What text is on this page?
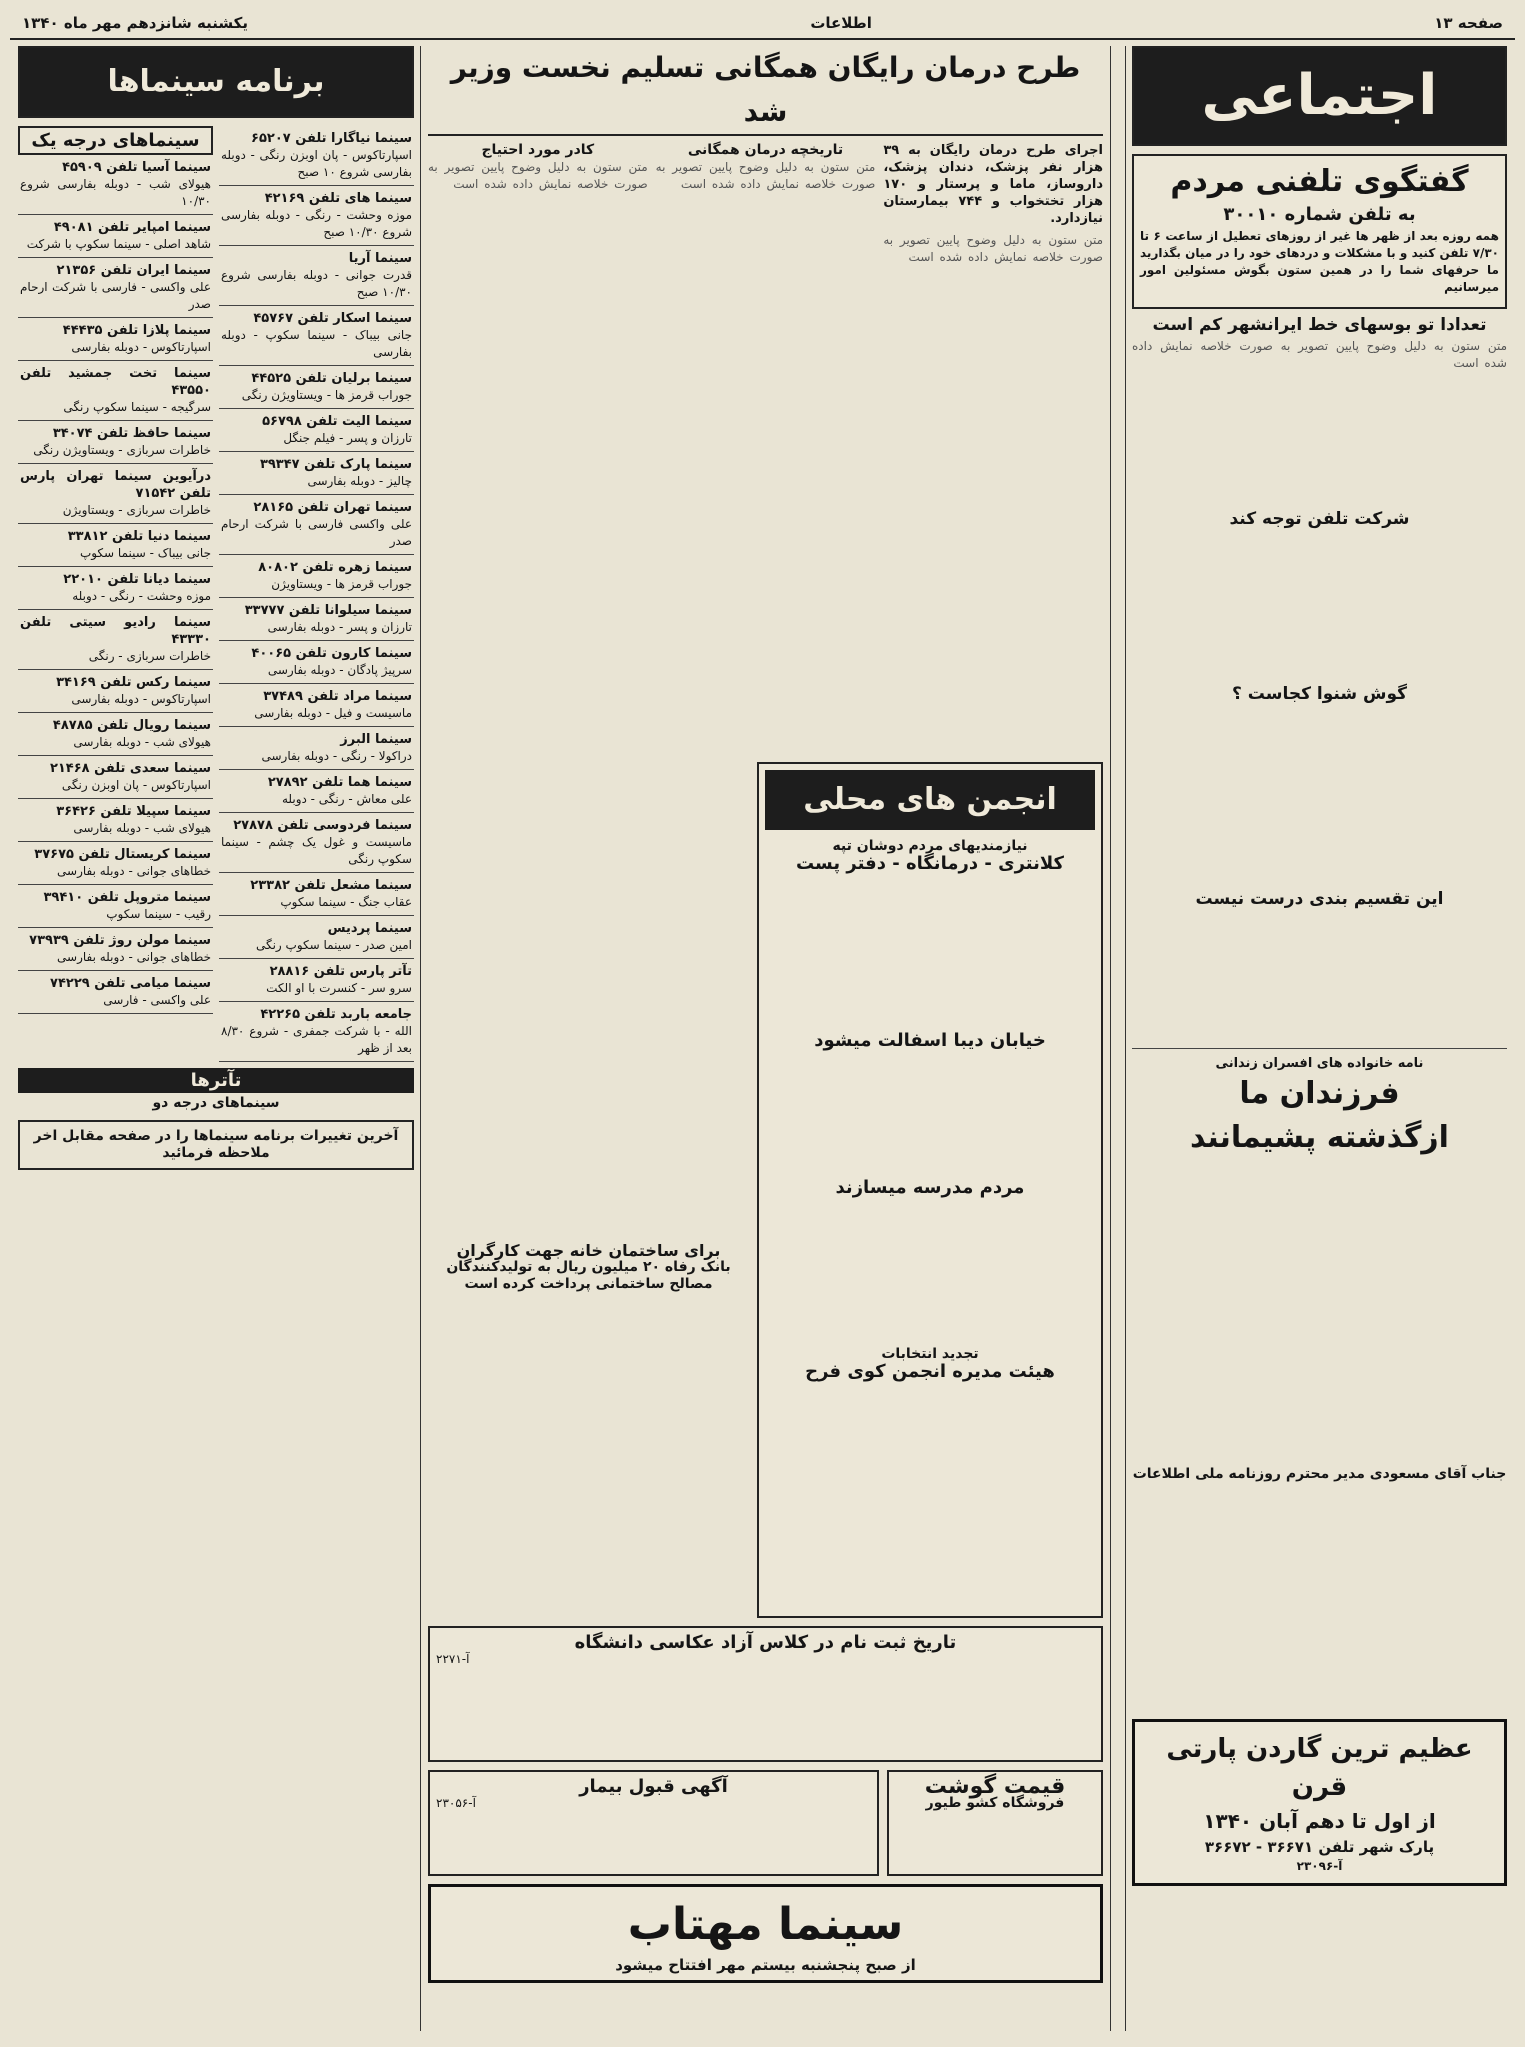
صفحه ۱۳
اطلاعات
یکشنبه شانزدهم مهر ماه ۱۳۴۰
اجتماعی
گفتگوی تلفنی مردم
به تلفن شماره ۳۰۰۱۰

همه روزه بعد از ظهر ها غیر از روزهای تعطیل از ساعت ۶ تا ۷/۳۰ تلفن کنید و با مشکلات و دردهای خود را در میان بگذارید ما حرفهای شما را در همین ستون بگوش مسئولین امور میرسانیم

تعدادا تو بوسهای خط ایرانشهر کم است

متن ستون به دلیل وضوح پایین تصویر به صورت خلاصه نمایش داده شده است

شرکت تلفن توجه کند
گوش شنوا کجاست ؟
این تقسیم بندی درست نیست
نامه خانواده های افسران زندانی
فرزندان ما
ازگذشته پشیمانند
جناب آقای مسعودی مدیر محترم روزنامه ملی اطلاعات
عظیم ترین گاردن پارتی قرن
از اول تا دهم آبان ۱۳۴۰
پارک شهر تلفن ۳۶۶۷۱ - ۳۶۶۷۲
آ-۲۳۰۹۶
طرح درمان رایگان همگانی تسلیم نخست وزیر شد

اجرای طرح درمان رایگان به ۳۹ هزار نفر پزشک، دندان پزشک، داروساز، ماما و پرستار و ۱۷۰ هزار تختخواب و ۷۴۴ بیمارستان نیازدارد.

متن ستون به دلیل وضوح پایین تصویر به صورت خلاصه نمایش داده شده است

تاریخچه درمان همگانی

متن ستون به دلیل وضوح پایین تصویر به صورت خلاصه نمایش داده شده است

کادر مورد احتیاج

متن ستون به دلیل وضوح پایین تصویر به صورت خلاصه نمایش داده شده است

انجمن های محلی
نیازمندیهای مردم دوشان تپه
کلانتری - درمانگاه - دفتر پست
خیابان دیبا اسفالت میشود
مردم مدرسه میسازند
تجدید انتخابات
هیئت مدیره انجمن کوی فرح
برای ساختمان خانه جهت کارگران
بانک رفاه ۲۰ میلیون ریال به تولیدکنندگان مصالح ساختمانی پرداخت کرده است
تاریخ ثبت نام در کلاس آزاد عکاسی دانشگاه
آ-۲۲۷۱
قیمت گوشت
فروشگاه کشو طیور
آگهی قبول بیمار
آ-۲۳۰۵۶
سینما مهتاب
از صبح پنجشنبه بیستم مهر افتتاح میشود
برنامه سینماها
سینما نیاگارا تلفن ۶۵۲۰۷
اسپارتاکوس - پان اوبزن رنگی - دوبله بفارسی شروع ۱۰ صبح
سینما های تلفن ۴۲۱۶۹
موزه وحشت - رنگی - دوبله بفارسی شروع ۱۰/۳۰ صبح
سینما آریا
قدرت جوانی - دوبله بفارسی شروع ۱۰/۳۰ صبح
سینما اسکار تلفن ۴۵۷۶۷
جانی بیباک - سینما سکوپ - دوبله بفارسی
سینما برلیان تلفن ۴۴۵۲۵
جوراب قرمز ها - ویستاویژن رنگی
سینما الیت تلفن ۵۶۷۹۸
تارزان و پسر - فیلم جنگل
سینما پارک تلفن ۳۹۳۴۷
چالیز - دوبله بفارسی
سینما تهران تلفن ۲۸۱۶۵
علی واکسی فارسی با شرکت ارحام صدر
سینما زهره تلفن ۸۰۸۰۲
جوراب قرمز ها - ویستاویژن
سینما سیلوانا تلفن ۳۳۷۷۷
تارزان و پسر - دوبله بفارسی
سینما کارون تلفن ۴۰۰۶۵
سرپیژ پادگان - دوبله بفارسی
سینما مراد تلفن ۳۷۴۸۹
ماسیست و فیل - دوبله بفارسی
سینما البرز
دراکولا - رنگی - دوبله بفارسی
سینما هما تلفن ۲۷۸۹۲
علی معاش - رنگی - دوبله
سینما فردوسی تلفن ۲۷۸۷۸
ماسیست و غول یک چشم - سینما سکوپ رنگی
سینما مشعل تلفن ۲۳۳۸۲
عقاب جنگ - سینما سکوپ
سینما پردیس
امین صدر - سینما سکوپ رنگی
تآتر پارس تلفن ۲۸۸۱۶
سرو سر - کنسرت با او الکت
جامعه باربد تلفن ۴۲۲۶۵
الله - با شرکت جمفری - شروع ۸/۳۰ بعد از ظهر
سینماهای درجه یک
سینما آسیا تلفن ۴۵۹۰۹
هیولای شب - دوبله بفارسی شروع ۱۰/۳۰
سینما امپایر تلفن ۴۹۰۸۱
شاهد اصلی - سینما سکوپ با شرکت
سینما ایران تلفن ۲۱۳۵۶
علی واکسی - فارسی با شرکت ارحام صدر
سینما پلازا تلفن ۴۴۴۳۵
اسپارتاکوس - دوبله بفارسی
سینما تخت جمشید تلفن ۴۳۵۵۰
سرگیجه - سینما سکوپ رنگی
سینما حافظ تلفن ۳۴۰۷۴
خاطرات سربازی - ویستاویژن رنگی
درآیوین سینما تهران پارس تلفن ۷۱۵۴۲
خاطرات سربازی - ویستاویژن
سینما دنیا تلفن ۳۳۸۱۲
جانی بیباک - سینما سکوپ
سینما دیانا تلفن ۲۲۰۱۰
موزه وحشت - رنگی - دوبله
سینما رادیو سیتی تلفن ۴۳۳۳۰
خاطرات سربازی - رنگی
سینما رکس تلفن ۳۴۱۶۹
اسپارتاکوس - دوبله بفارسی
سینما رویال تلفن ۴۸۷۸۵
هیولای شب - دوبله بفارسی
سینما سعدی تلفن ۲۱۴۶۸
اسپارتاکوس - پان اوبزن رنگی
سینما سپیلا تلفن ۳۶۴۲۶
هیولای شب - دوبله بفارسی
سینما کریستال تلفن ۳۷۶۷۵
خطاهای جوانی - دوبله بفارسی
سینما متروپل تلفن ۳۹۴۱۰
رقیب - سینما سکوپ
سینما مولن روژ تلفن ۷۳۹۳۹
خطاهای جوانی - دوبله بفارسی
سینما میامی تلفن ۷۴۲۲۹
علی واکسی - فارسی
تآترها
سینماهای درجه دو
آخرین تغییرات برنامه سینماها را در صفحه مقابل اخر ملاحظه فرمائید
